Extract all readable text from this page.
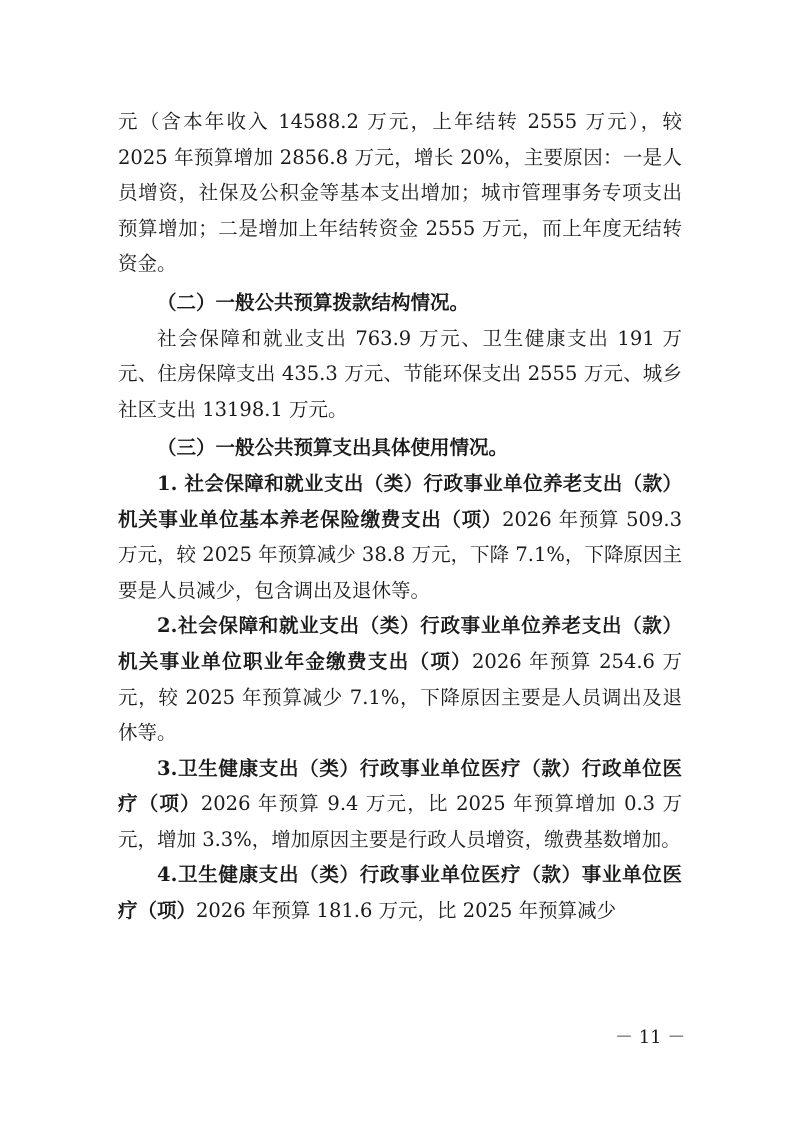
元（含本年收入 14588.2 万元，上年结转 2555 万元），较 2025 年预算增加 2856.8 万元，增长 20%，主要原因：一是人员增资，社保及公积金等基本支出增加；城市管理事务专项支出预算增加；二是增加上年结转资金 2555 万元，而上年度无结转资金。

（二）一般公共预算拨款结构情况。

社会保障和就业支出 763.9 万元、卫生健康支出 191 万元、住房保障支出 435.3 万元、节能环保支出 2555 万元、城乡社区支出 13198.1 万元。

（三）一般公共预算支出具体使用情况。

1. 社会保障和就业支出（类）行政事业单位养老支出（款）机关事业单位基本养老保险缴费支出（项）2026 年预算 509.3 万元，较 2025 年预算减少 38.8 万元，下降 7.1%，下降原因主要是人员减少，包含调出及退休等。

2.社会保障和就业支出（类）行政事业单位养老支出（款）机关事业单位职业年金缴费支出（项）2026 年预算 254.6 万元，较 2025 年预算减少 7.1%，下降原因主要是人员调出及退休等。

3.卫生健康支出（类）行政事业单位医疗（款）行政单位医疗（项）2026 年预算 9.4 万元，比 2025 年预算增加 0.3 万元，增加 3.3%，增加原因主要是行政人员增资，缴费基数增加。

4.卫生健康支出（类）行政事业单位医疗（款）事业单位医疗（项）2026 年预算 181.6 万元，比 2025 年预算减少

－ 11 －
